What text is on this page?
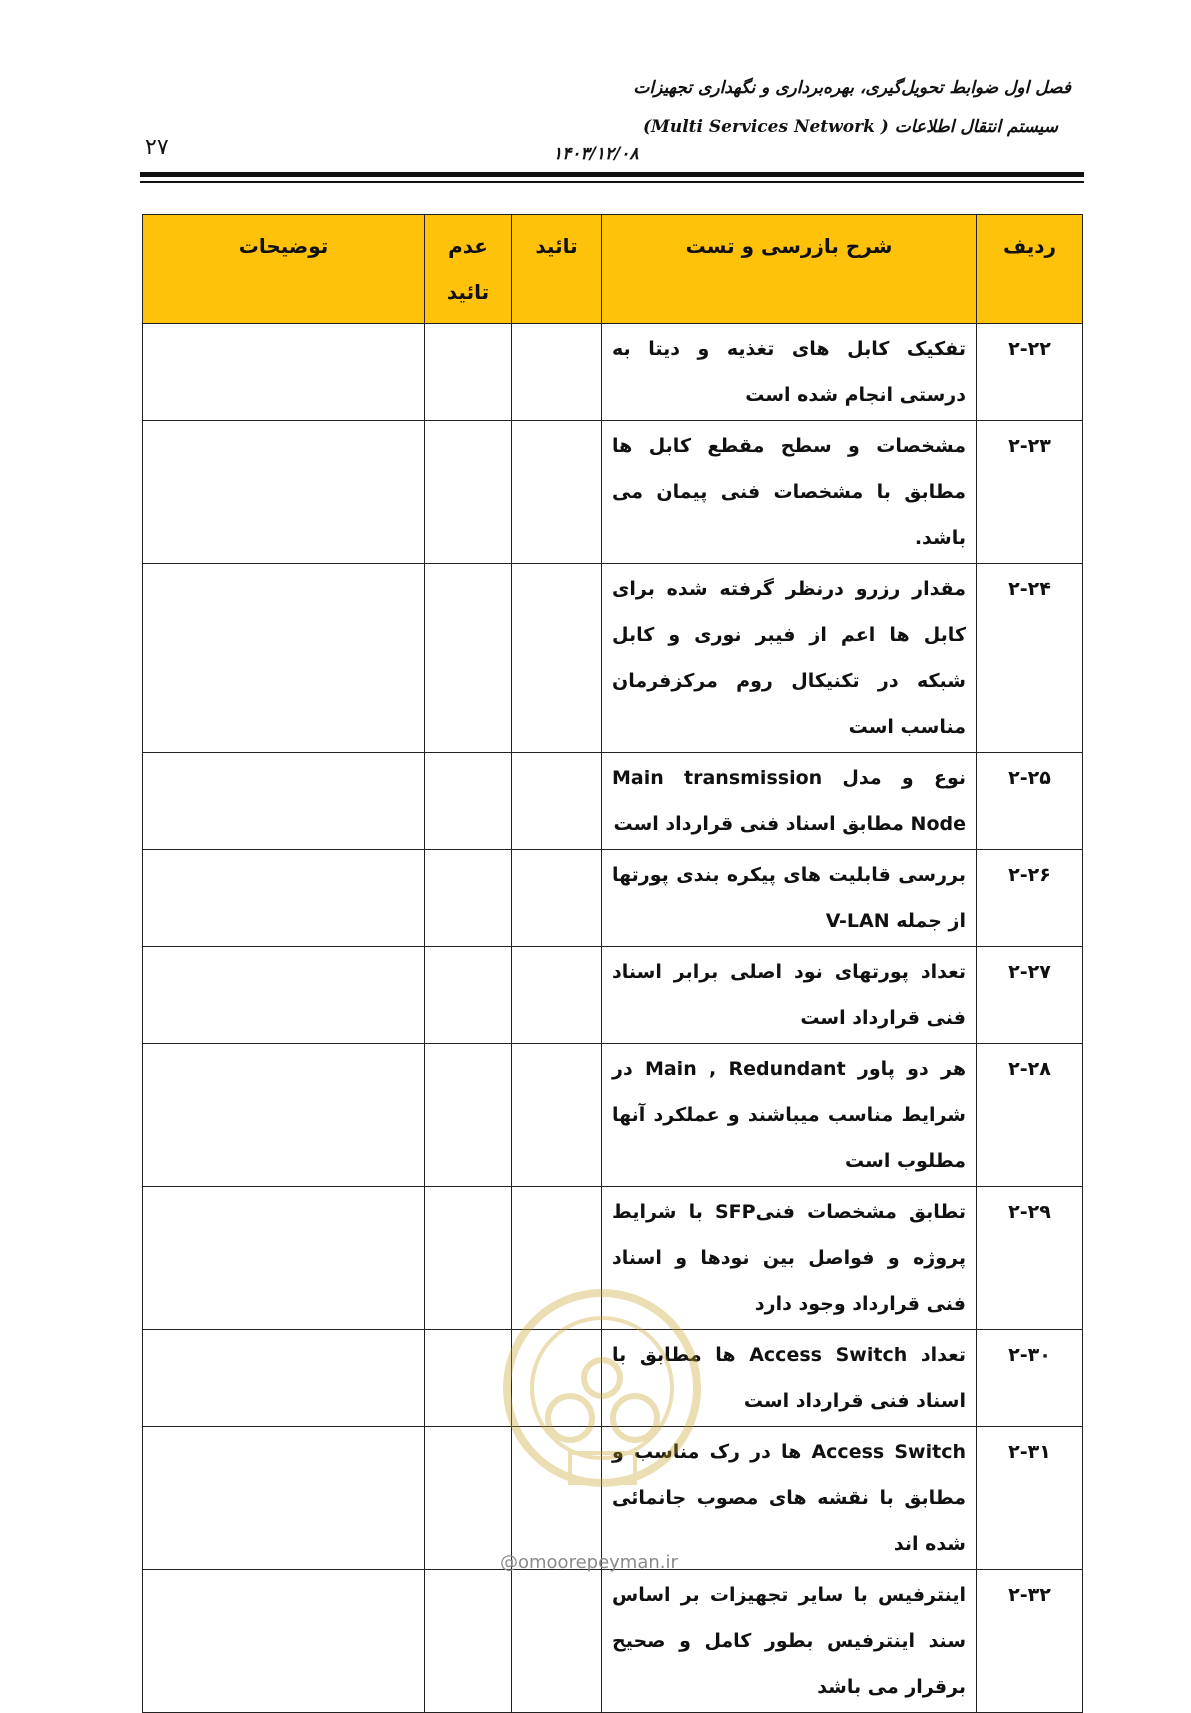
فصل اول ضوابط تحویل‌گیری، بهره‌برداری و نگهداری تجهیزات
سیستم انتقال اطلاعات ( Multi Services Network)
۲۷	۱۴۰۳/۱۲/۰۸
ردیف	شرح بازرسی و تست	تائید	عدم تائید	توضیحات
۲-۲۲	تفکیک کابل های تغذیه و دیتا به درستی انجام شده است			
۲-۲۳	مشخصات و سطح مقطع کابل ها مطابق با مشخصات فنی پیمان می باشد.			
۲-۲۴	مقدار رزرو درنظر گرفته شده برای کابل ها اعم از فیبر نوری و کابل شبکه در تکنیکال روم مرکزفرمان مناسب است			
۲-۲۵	نوع و مدل Main transmission Node مطابق اسناد فنی قرارداد است			
۲-۲۶	بررسی قابلیت های پیکره بندی پورتها از جمله V-LAN			
۲-۲۷	تعداد پورتهای نود اصلی برابر اسناد فنی قرارداد است			
۲-۲۸	هر دو پاور Main , Redundant در شرایط مناسب میباشند و عملکرد آنها مطلوب است			
۲-۲۹	تطابق مشخصات فنیSFP با شرایط پروژه و فواصل بین نودها و اسناد فنی قرارداد وجود دارد			
۲-۳۰	تعداد Access Switch ها مطابق با اسناد فنی قرارداد است			
۲-۳۱	Access Switch ها در رک مناسب و مطابق با نقشه های مصوب جانمائی شده اند			
۲-۳۲	اینترفیس با سایر تجهیزات بر اساس سند اینترفیس بطور کامل و صحیح برقرار می باشد			
@omoorepeyman.ir
